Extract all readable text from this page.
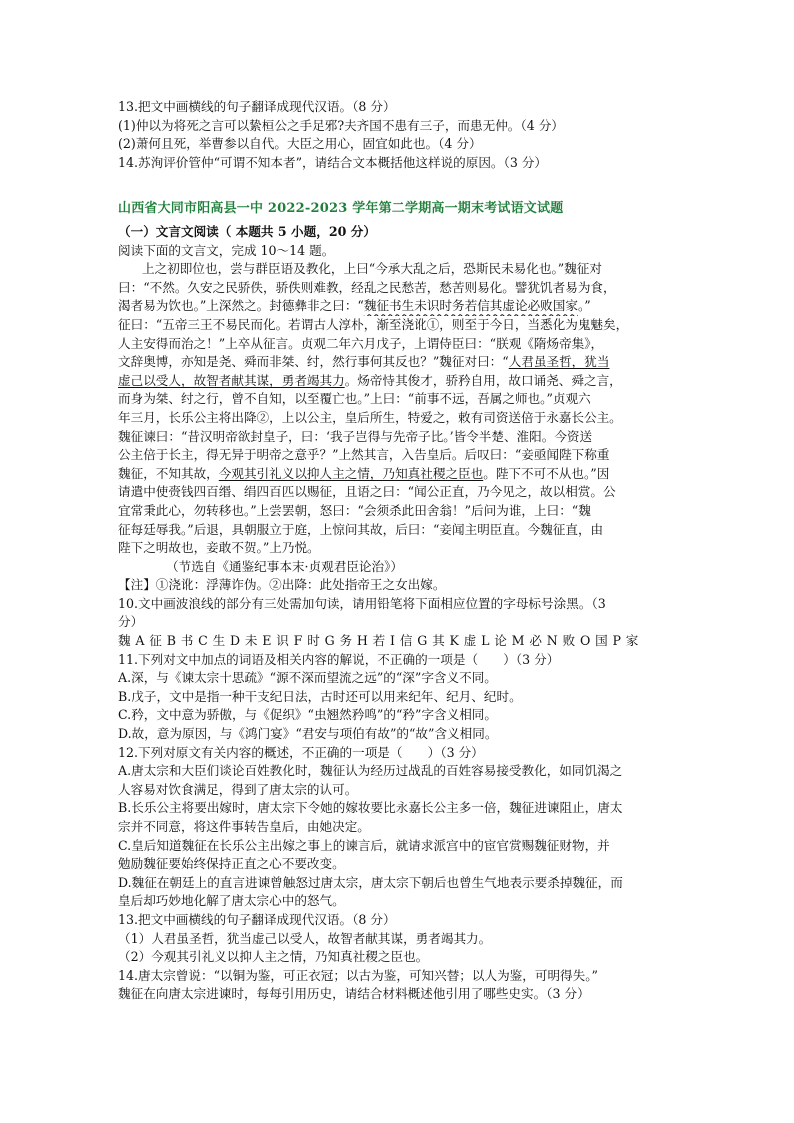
13.把文中画横线的句子翻译成现代汉语。（8 分）
(1)仲以为将死之言可以絷桓公之手足邪?夫齐国不患有三子，而患无仲。（4 分）
(2)萧何且死，举曹参以自代。大臣之用心，固宜如此也。（4 分）
14.苏洵评价管仲“可谓不知本者”，请结合文本概括他这样说的原因。（3 分）
山西省大同市阳高县一中 2022-2023 学年第二学期高一期末考试语文试题
（一）文言文阅读（ 本题共 5 小题，20 分）
阅读下面的文言文，完成 10～14 题。
上之初即位也，尝与群臣语及教化，上曰“今承大乱之后，恐斯民未易化也。”魏征对
曰：“不然。久安之民骄佚，骄佚则难教，经乱之民愁苦，愁苦则易化。譬犹饥者易为食，
渴者易为饮也。”上深然之。封德彝非之曰：“魏征书生未识时务若信其虚论必败国家。”
征曰：“五帝三王不易民而化。若谓古人淳朴，渐至浇讹①，则至于今日，当悉化为鬼魅矣，
人主安得而治之！”上卒从征言。贞观二年六月戊子，上谓侍臣曰：“朕观《隋炀帝集》，
文辞奥博，亦知是尧、舜而非桀、纣，然行事何其反也？”魏征对曰：“人君虽圣哲，犹当
虚己以受人，故智者献其谋，勇者竭其力。炀帝恃其俊才，骄矜自用，故口诵尧、舜之言，
而身为桀、纣之行，曾不自知，以至覆亡也。”上曰：“前事不远，吾属之师也。”贞观六
年三月，长乐公主将出降②，上以公主，皇后所生，特爱之，敕有司资送倍于永嘉长公主。
魏征谏曰：“昔汉明帝欲封皇子，曰：‘我子岂得与先帝子比。’皆令半楚、淮阳。今资送
公主倍于长主，得无异于明帝之意乎？”上然其言，入告皇后。后叹曰：“妾亟闻陛下称重
魏征，不知其故，今观其引礼义以抑人主之情，乃知真社稷之臣也。陛下不可不从也。”因
请遣中使赍钱四百缗、绢四百匹以赐征，且语之曰：“闻公正直，乃今见之，故以相赏。公
宜常秉此心，勿转移也。”上尝罢朝，怒曰：“会须杀此田舍翁！”后问为谁，上曰：“魏
征每廷辱我。”后退，具朝服立于庭，上惊问其故，后曰：“妾闻主明臣直。今魏征直，由
陛下之明故也，妾敢不贺。”上乃悦。
（节选自《通鉴纪事本末·贞观君臣论治》）
【注】①浇讹：浮薄诈伪。②出降：此处指帝王之女出嫁。
10.文中画波浪线的部分有三处需加句读，请用铅笔将下面相应位置的字母标号涂黑。（3
分）
魏 A 征 B 书 C 生 D 未 E 识 F 时 G 务 H 若 I 信 G 其 K 虚 L 论 M 必 N 败 O 国 P 家
11.下列对文中加点的词语及相关内容的解说，不正确的一项是（　　）（3 分）
A.深，与《谏太宗十思疏》“源不深而望流之远”的“深”字含义不同。
B.戊子，文中是指一种干支纪日法，古时还可以用来纪年、纪月、纪时。
C.矜，文中意为骄傲，与《促织》“虫翘然矜鸣”的“矜”字含义相同。
D.故，意为原因，与《鸿门宴》“君安与项伯有故”的“故”含义相同。
12.下列对原文有关内容的概述，不正确的一项是（　　）（3 分）
A.唐太宗和大臣们谈论百姓教化时，魏征认为经历过战乱的百姓容易接受教化，如同饥渴之
人容易对饮食满足，得到了唐太宗的认可。
B.长乐公主将要出嫁时，唐太宗下令她的嫁妆要比永嘉长公主多一倍，魏征进谏阻止，唐太
宗并不同意，将这件事转告皇后，由她决定。
C.皇后知道魏征在长乐公主出嫁之事上的谏言后，就请求派宫中的宦官赏赐魏征财物，并
勉励魏征要始终保持正直之心不要改变。
D.魏征在朝廷上的直言进谏曾触怒过唐太宗，唐太宗下朝后也曾生气地表示要杀掉魏征，而
皇后却巧妙地化解了唐太宗心中的怒气。
13.把文中画横线的句子翻译成现代汉语。（8 分）
（1）人君虽圣哲，犹当虚己以受人，故智者献其谋，勇者竭其力。
（2）今观其引礼义以抑人主之情，乃知真社稷之臣也。
14.唐太宗曾说：“以铜为鉴，可正衣冠；以古为鉴，可知兴替；以人为鉴，可明得失。”
魏征在向唐太宗进谏时，每每引用历史，请结合材料概述他引用了哪些史实。（3 分）
